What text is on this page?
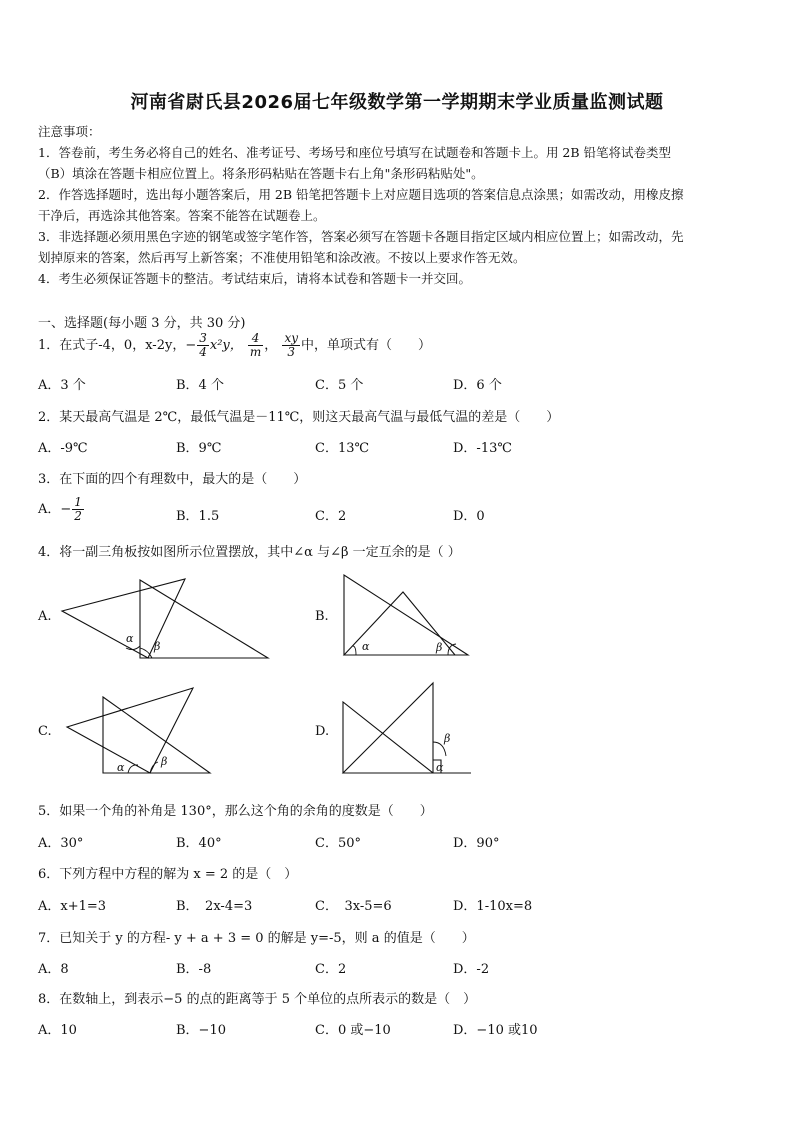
河南省尉氏县2026届七年级数学第一学期期末学业质量监测试题
注意事项：
1．答卷前，考生务必将自己的姓名、准考证号、考场号和座位号填写在试题卷和答题卡上。用 2B 铅笔将试卷类型
（B）填涂在答题卡相应位置上。将条形码粘贴在答题卡右上角"条形码粘贴处"。
2．作答选择题时，选出每小题答案后，用 2B 铅笔把答题卡上对应题目选项的答案信息点涂黑；如需改动，用橡皮擦
干净后，再选涂其他答案。答案不能答在试题卷上。
3．非选择题必须用黑色字迹的钢笔或签字笔作答，答案必须写在答题卡各题目指定区域内相应位置上；如需改动，先
划掉原来的答案，然后再写上新答案；不准使用铅笔和涂改液。不按以上要求作答无效。
4．考生必须保证答题卡的整洁。考试结束后，请将本试卷和答题卡一并交回。
一、选择题(每小题 3 分，共 30 分)
1．在式子-4，0，x-2y，− $\frac{3}{4} x^2y$， $\frac{4}{m}$ ， $\frac{xy}{3}$ 中，单项式有（　　）
A．3 个	B．4 个	C．5 个	D．6 个
2．某天最高气温是 2℃，最低气温是－11℃，则这天最高气温与最低气温的差是（　　）
A．-9℃	B．9℃	C．13℃	D．-13℃
3．在下面的四个有理数中，最大的是（　　）
A．− $\frac{1}{2}$	B．1.5	C．2	D．0
4．将一副三角板按如图所示位置摆放，其中∠α 与∠β 一定互余的是（ ）
A.
α
β
B.
α	β
C.
α	β
D.	β
α
5．如果一个角的补角是 130°，那么这个角的余角的度数是（　　）
A．30°	B．40°	C．50°	D．90°
6．下列方程中方程的解为 x = 2 的是（　）
A．x+1=3	B．　2x-4=3	C．　3x-5=6	D．1-10x=8
7．已知关于 y 的方程- y + a + 3 = 0 的解是 y=-5，则 a 的值是（　　）
A．8	B．-8	C．2	D．-2
8．在数轴上，到表示−5 的点的距离等于 5 个单位的点所表示的数是（　）
A．10	B．−10	C．0 或−10	D．−10 或10
